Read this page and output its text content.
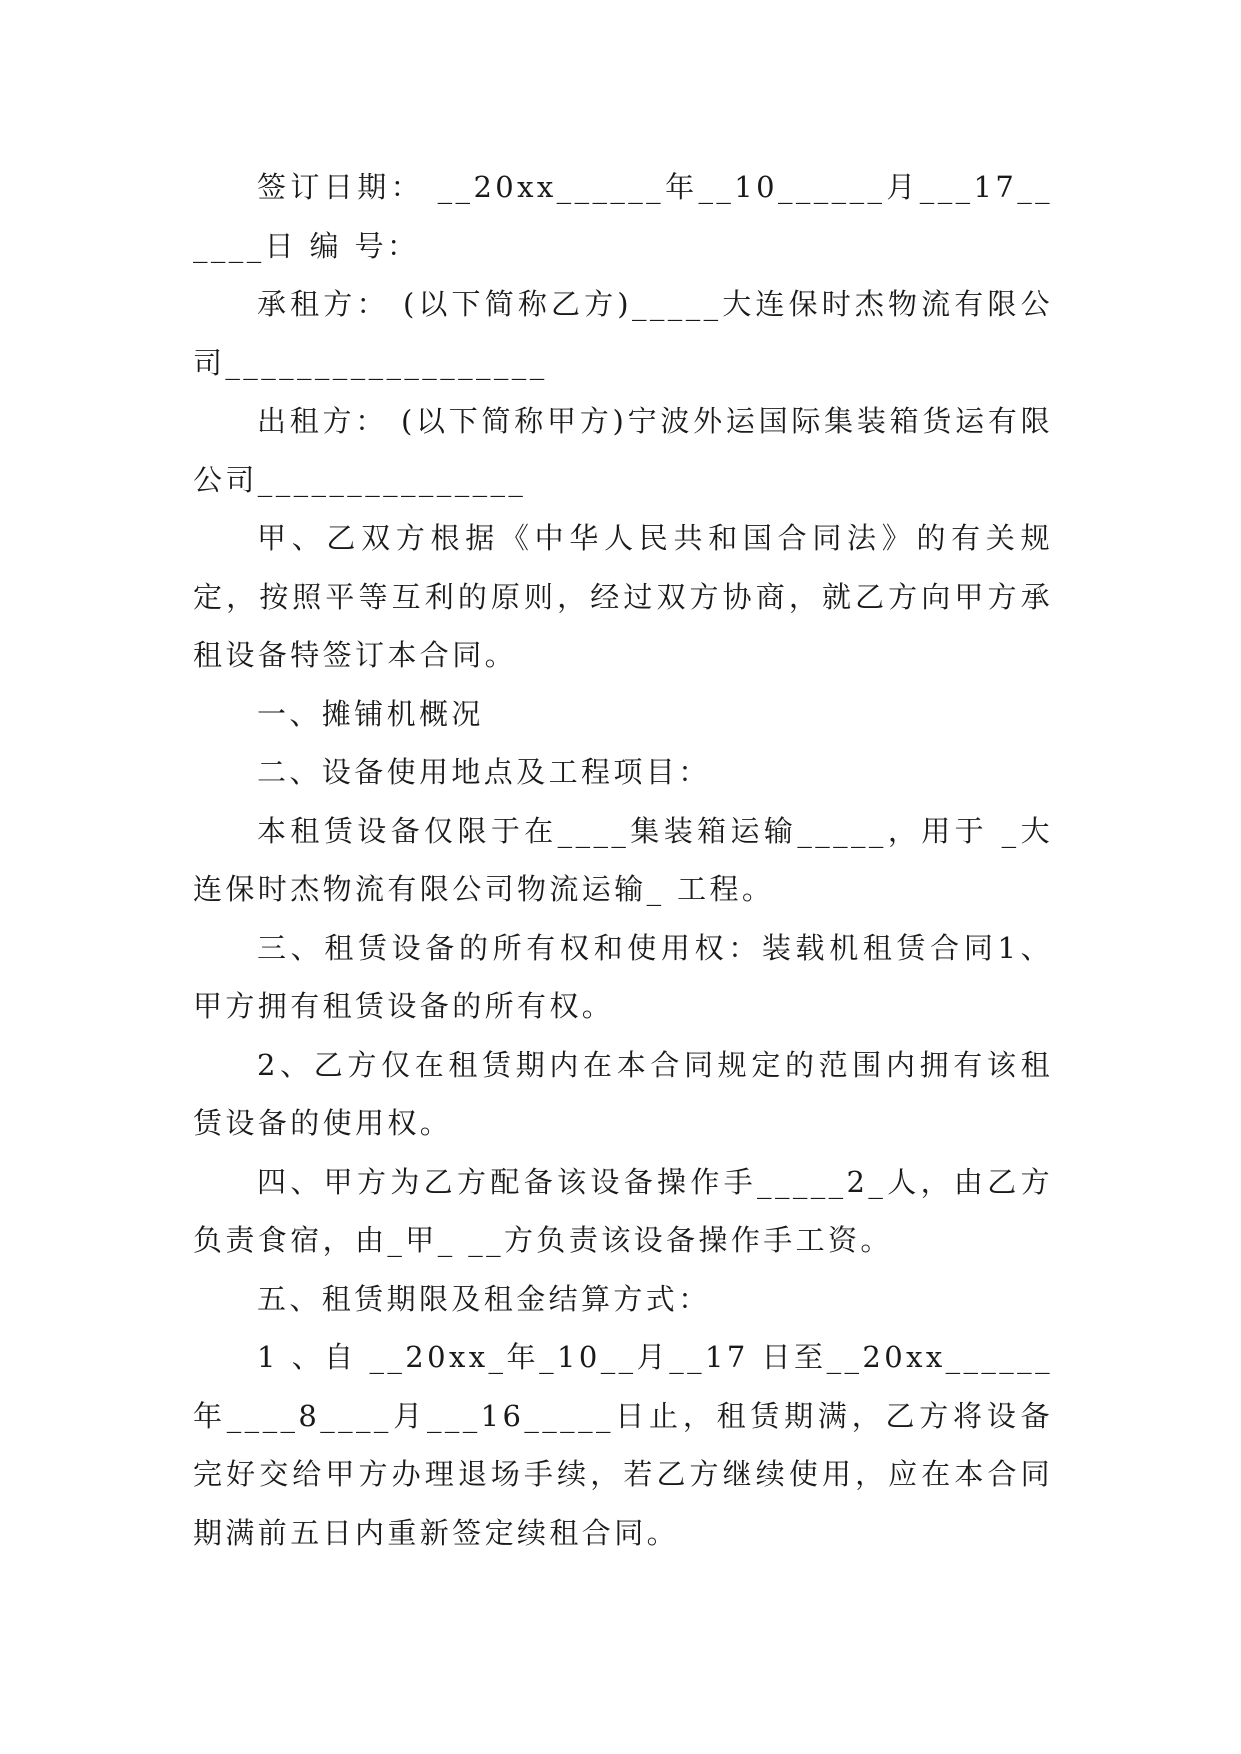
签订日期： __20xx______年__10______月___17______日 编 号：

承租方： (以下简称乙方)_____大连保时杰物流有限公司__________________

出租方： (以下简称甲方)宁波外运国际集装箱货运有限公司_______________

甲、乙双方根据《中华人民共和国合同法》的有关规定，按照平等互利的原则，经过双方协商，就乙方向甲方承租设备特签订本合同。

一、摊铺机概况

二、设备使用地点及工程项目：

本租赁设备仅限于在____集装箱运输_____，用于 _大连保时杰物流有限公司物流运输_ 工程。

三、租赁设备的所有权和使用权：装载机租赁合同1、甲方拥有租赁设备的所有权。

2、乙方仅在租赁期内在本合同规定的范围内拥有该租赁设备的使用权。

四、甲方为乙方配备该设备操作手_____2_人，由乙方负责食宿，由_甲_ __方负责该设备操作手工资。

五、租赁期限及租金结算方式：

1 、自 __20xx_年_10__月__17 日至__20xx______年____8____月___16_____日止，租赁期满，乙方将设备完好交给甲方办理退场手续，若乙方继续使用，应在本合同期满前五日内重新签定续租合同。
